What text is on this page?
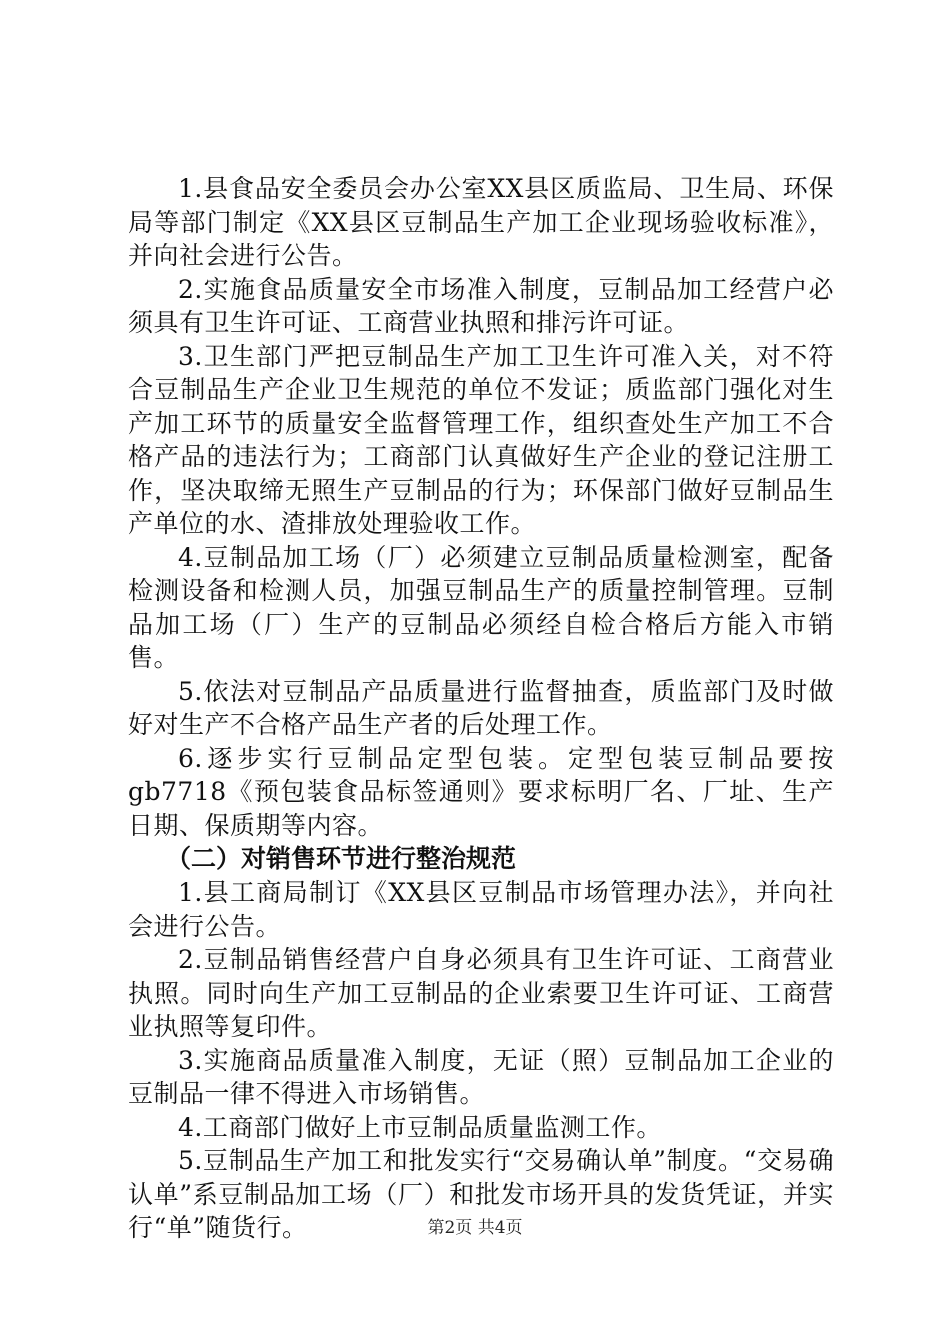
1.县食品安全委员会办公室XX县区质监局、卫生局、环保局等部门制定《XX县区豆制品生产加工企业现场验收标准》，并向社会进行公告。

2.实施食品质量安全市场准入制度，豆制品加工经营户必须具有卫生许可证、工商营业执照和排污许可证。

3.卫生部门严把豆制品生产加工卫生许可准入关，对不符合豆制品生产企业卫生规范的单位不发证；质监部门强化对生产加工环节的质量安全监督管理工作，组织查处生产加工不合格产品的违法行为；工商部门认真做好生产企业的登记注册工作，坚决取缔无照生产豆制品的行为；环保部门做好豆制品生产单位的水、渣排放处理验收工作。

4.豆制品加工场（厂）必须建立豆制品质量检测室，配备检测设备和检测人员，加强豆制品生产的质量控制管理。豆制品加工场（厂）生产的豆制品必须经自检合格后方能入市销售。

5.依法对豆制品产品质量进行监督抽查，质监部门及时做好对生产不合格产品生产者的后处理工作。

6.逐步实行豆制品定型包装。定型包装豆制品要按gb7718《预包装食品标签通则》要求标明厂名、厂址、生产日期、保质期等内容。

（二）对销售环节进行整治规范

1.县工商局制订《XX县区豆制品市场管理办法》，并向社会进行公告。

2.豆制品销售经营户自身必须具有卫生许可证、工商营业执照。同时向生产加工豆制品的企业索要卫生许可证、工商营业执照等复印件。

3.实施商品质量准入制度，无证（照）豆制品加工企业的豆制品一律不得进入市场销售。

4.工商部门做好上市豆制品质量监测工作。

5.豆制品生产加工和批发实行“交易确认单”制度。“交易确认单”系豆制品加工场（厂）和批发市场开具的发货凭证，并实行“单”随货行。	第2页 共4页
